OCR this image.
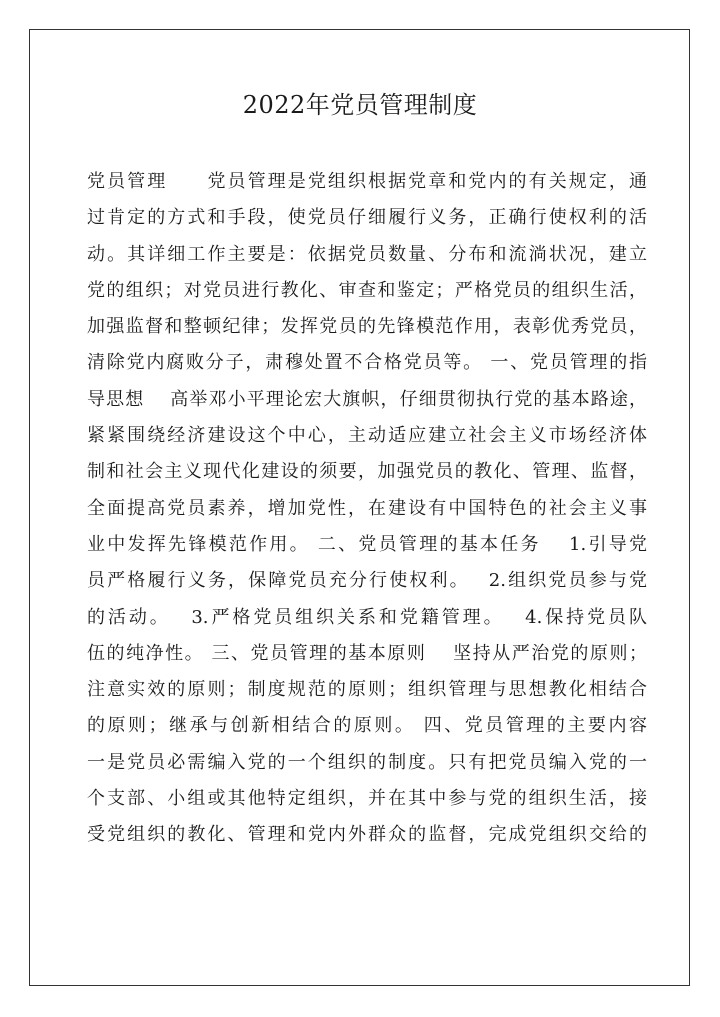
2022年党员管理制度
党员管理　　党员管理是党组织根据党章和党内的有关规定，通
过肯定的方式和手段，使党员仔细履行义务，正确行使权利的活
动。其详细工作主要是：依据党员数量、分布和流淌状况，建立
党的组织；对党员进行教化、审查和鉴定；严格党员的组织生活，
加强监督和整顿纪律；发挥党员的先锋模范作用，表彰优秀党员，
清除党内腐败分子，肃穆处置不合格党员等。 一、党员管理的指
导思想　 高举邓小平理论宏大旗帜，仔细贯彻执行党的基本路途，
紧紧围绕经济建设这个中心，主动适应建立社会主义市场经济体
制和社会主义现代化建设的须要，加强党员的教化、管理、监督，
全面提高党员素养，增加党性，在建设有中国特色的社会主义事
业中发挥先锋模范作用。 二、党员管理的基本任务　 1.引导党
员严格履行义务，保障党员充分行使权利。　 2.组织党员参与党
的活动。　 3.严格党员组织关系和党籍管理。　 4.保持党员队
伍的纯净性。 三、党员管理的基本原则　 坚持从严治党的原则；
注意实效的原则；制度规范的原则；组织管理与思想教化相结合
的原则；继承与创新相结合的原则。 四、党员管理的主要内容
一是党员必需编入党的一个组织的制度。只有把党员编入党的一
个支部、小组或其他特定组织，并在其中参与党的组织生活，接
受党组织的教化、管理和党内外群众的监督，完成党组织交给的
